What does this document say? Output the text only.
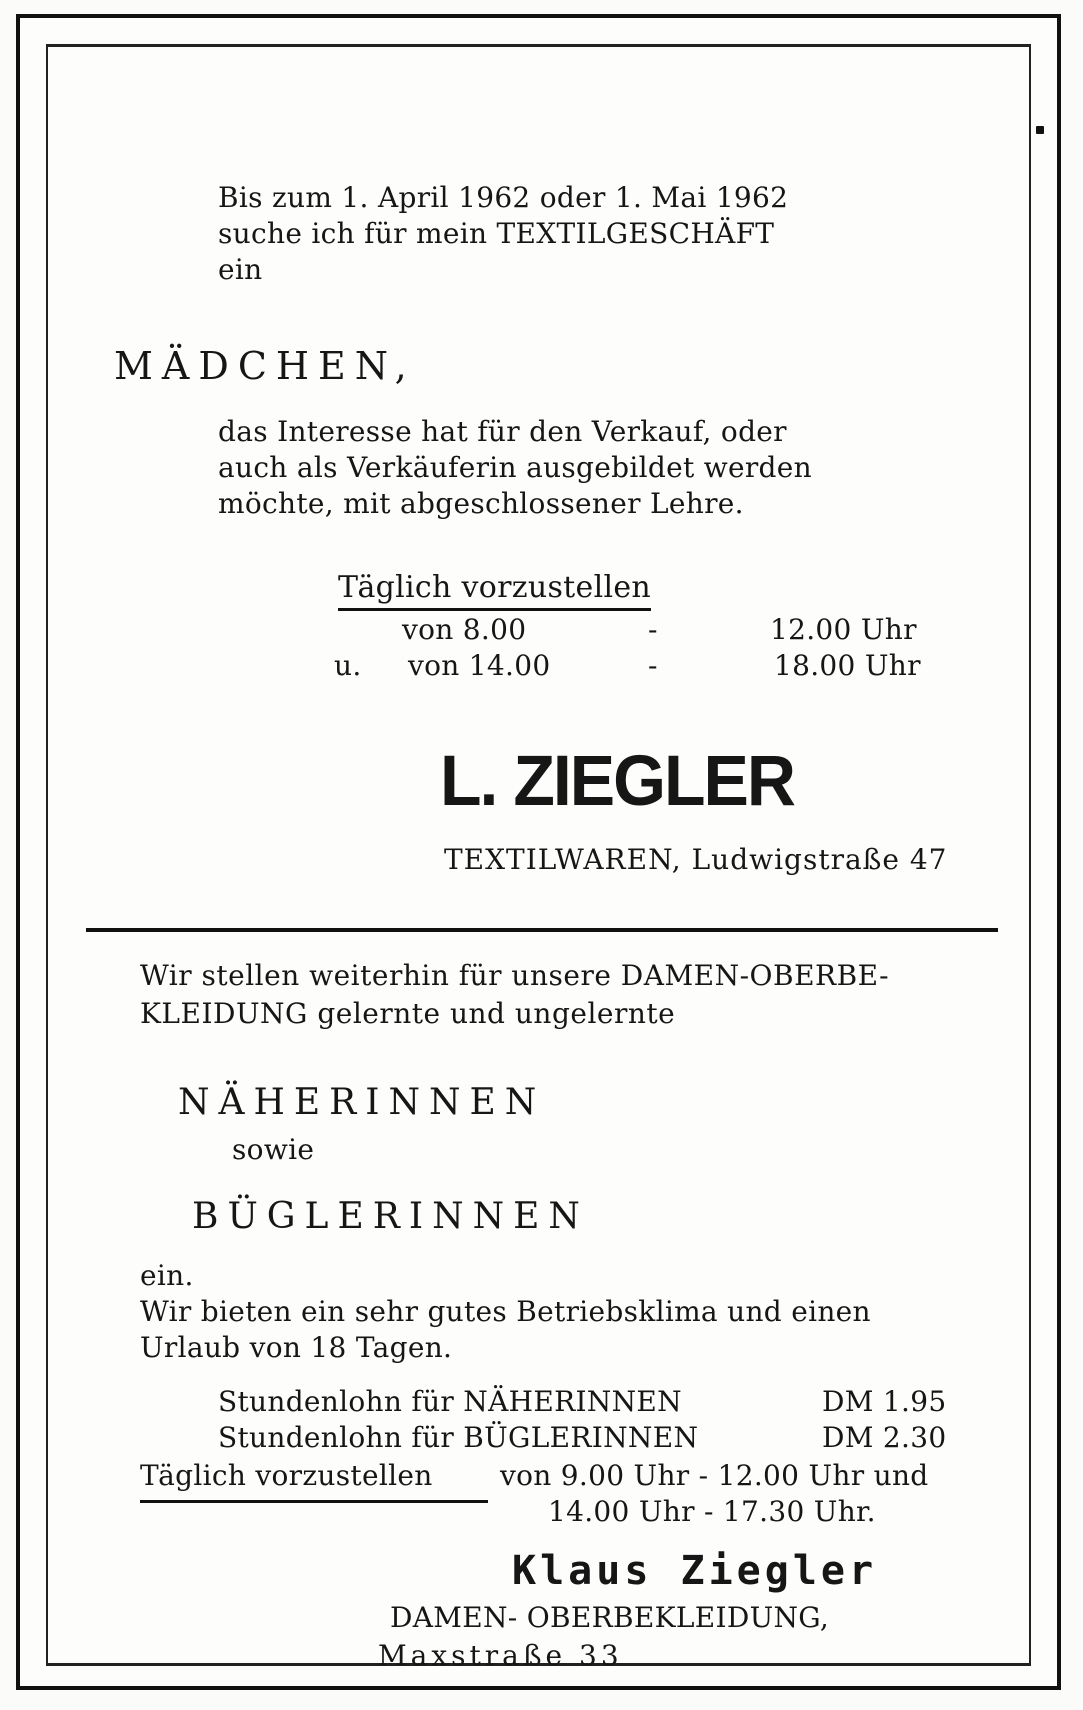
Bis zum 1. April 1962 oder 1. Mai 1962

suche ich für mein TEXTILGESCHÄFT

ein

MÄDCHEN,

das Interesse hat für den Verkauf, oder

auch als Verkäuferin ausgebildet werden

möchte, mit abgeschlossener Lehre.

Täglich vorzustellen

von 8.00	-	12.00 Uhr

u. von 14.00	-	18.00 Uhr

L. ZIEGLER

TEXTILWAREN, Ludwigstraße 47

Wir stellen weiterhin für unsere DAMEN-OBERBE-

KLEIDUNG gelernte und ungelernte

NÄHERINNEN

sowie

BÜGLERINNEN

ein.

Wir bieten ein sehr gutes Betriebsklima und einen

Urlaub von 18 Tagen.

Stundenlohn für NÄHERINNEN	DM 1.95

Stundenlohn für BÜGLERINNEN	DM 2.30

Täglich vorzustellen von 9.00 Uhr - 12.00 Uhr und

14.00 Uhr - 17.30 Uhr.

Klaus Ziegler

DAMEN- OBERBEKLEIDUNG,

Maxstraße 33
